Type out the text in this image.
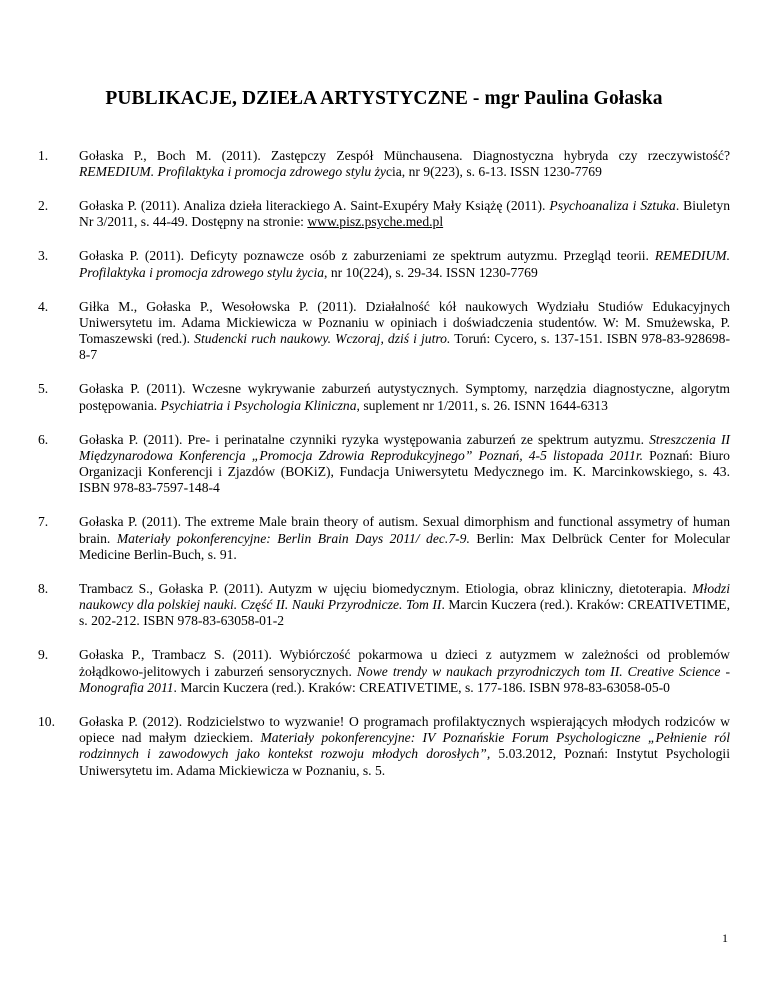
PUBLIKACJE, DZIEŁA ARTYSTYCZNE - mgr Paulina Gołaska
1. Gołaska P., Boch M. (2011). Zastępczy Zespół Münchausena. Diagnostyczna hybryda czy rzeczywistość? REMEDIUM. Profilaktyka i promocja zdrowego stylu życia, nr 9(223), s. 6-13. ISSN 1230-7769
2. Gołaska P. (2011). Analiza dzieła literackiego A. Saint-Exupéry Mały Książę (2011). Psychoanaliza i Sztuka. Biuletyn Nr 3/2011, s. 44-49. Dostępny na stronie: www.pisz.psyche.med.pl
3. Gołaska P. (2011). Deficyty poznawcze osób z zaburzeniami ze spektrum autyzmu. Przegląd teorii. REMEDIUM. Profilaktyka i promocja zdrowego stylu życia, nr 10(224), s. 29-34. ISSN 1230-7769
4. Giłka M., Gołaska P., Wesołowska P. (2011). Działalność kół naukowych Wydziału Studiów Edukacyjnych Uniwersytetu im. Adama Mickiewicza w Poznaniu w opiniach i doświadczenia studentów. W: M. Smużewska, P. Tomaszewski (red.). Studencki ruch naukowy. Wczoraj, dziś i jutro. Toruń: Cycero, s. 137-151. ISBN 978-83-928698-8-7
5. Gołaska P. (2011). Wczesne wykrywanie zaburzeń autystycznych. Symptomy, narzędzia diagnostyczne, algorytm postępowania. Psychiatria i Psychologia Kliniczna, suplement nr 1/2011, s. 26. ISNN 1644-6313
6. Gołaska P. (2011). Pre- i perinatalne czynniki ryzyka występowania zaburzeń ze spektrum autyzmu. Streszczenia II Międzynarodowa Konferencja „Promocja Zdrowia Reprodukcyjnego” Poznań, 4-5 listopada 2011r. Poznań: Biuro Organizacji Konferencji i Zjazdów (BOKiZ), Fundacja Uniwersytetu Medycznego im. K. Marcinkowskiego, s. 43. ISBN 978-83-7597-148-4
7. Gołaska P. (2011). The extreme Male brain theory of autism. Sexual dimorphism and functional assymetry of human brain. Materiały pokonferencyjne: Berlin Brain Days 2011/ dec.7-9. Berlin: Max Delbrück Center for Molecular Medicine Berlin-Buch, s. 91.
8. Trambacz S., Gołaska P. (2011). Autyzm w ujęciu biomedycznym. Etiologia, obraz kliniczny, dietoterapia. Młodzi naukowcy dla polskiej nauki. Część II. Nauki Przyrodnicze. Tom II. Marcin Kuczera (red.). Kraków: CREATIVETIME, s. 202-212. ISBN 978-83-63058-01-2
9. Gołaska P., Trambacz S. (2011). Wybiórczość pokarmowa u dzieci z autyzmem w zależności od problemów żołądkowo-jelitowych i zaburzeń sensorycznych. Nowe trendy w naukach przyrodniczych tom II. Creative Science - Monografia 2011. Marcin Kuczera (red.). Kraków: CREATIVETIME, s. 177-186. ISBN 978-83-63058-05-0
10. Gołaska P. (2012). Rodzicielstwo to wyzwanie! O programach profilaktycznych wspierających młodych rodziców w opiece nad małym dzieckiem. Materiały pokonferencyjne: IV Poznańskie Forum Psychologiczne „Pełnienie ról rodzinnych i zawodowych jako kontekst rozwoju młodych dorosłych”, 5.03.2012, Poznań: Instytut Psychologii Uniwersytetu im. Adama Mickiewicza w Poznaniu, s. 5.
1
